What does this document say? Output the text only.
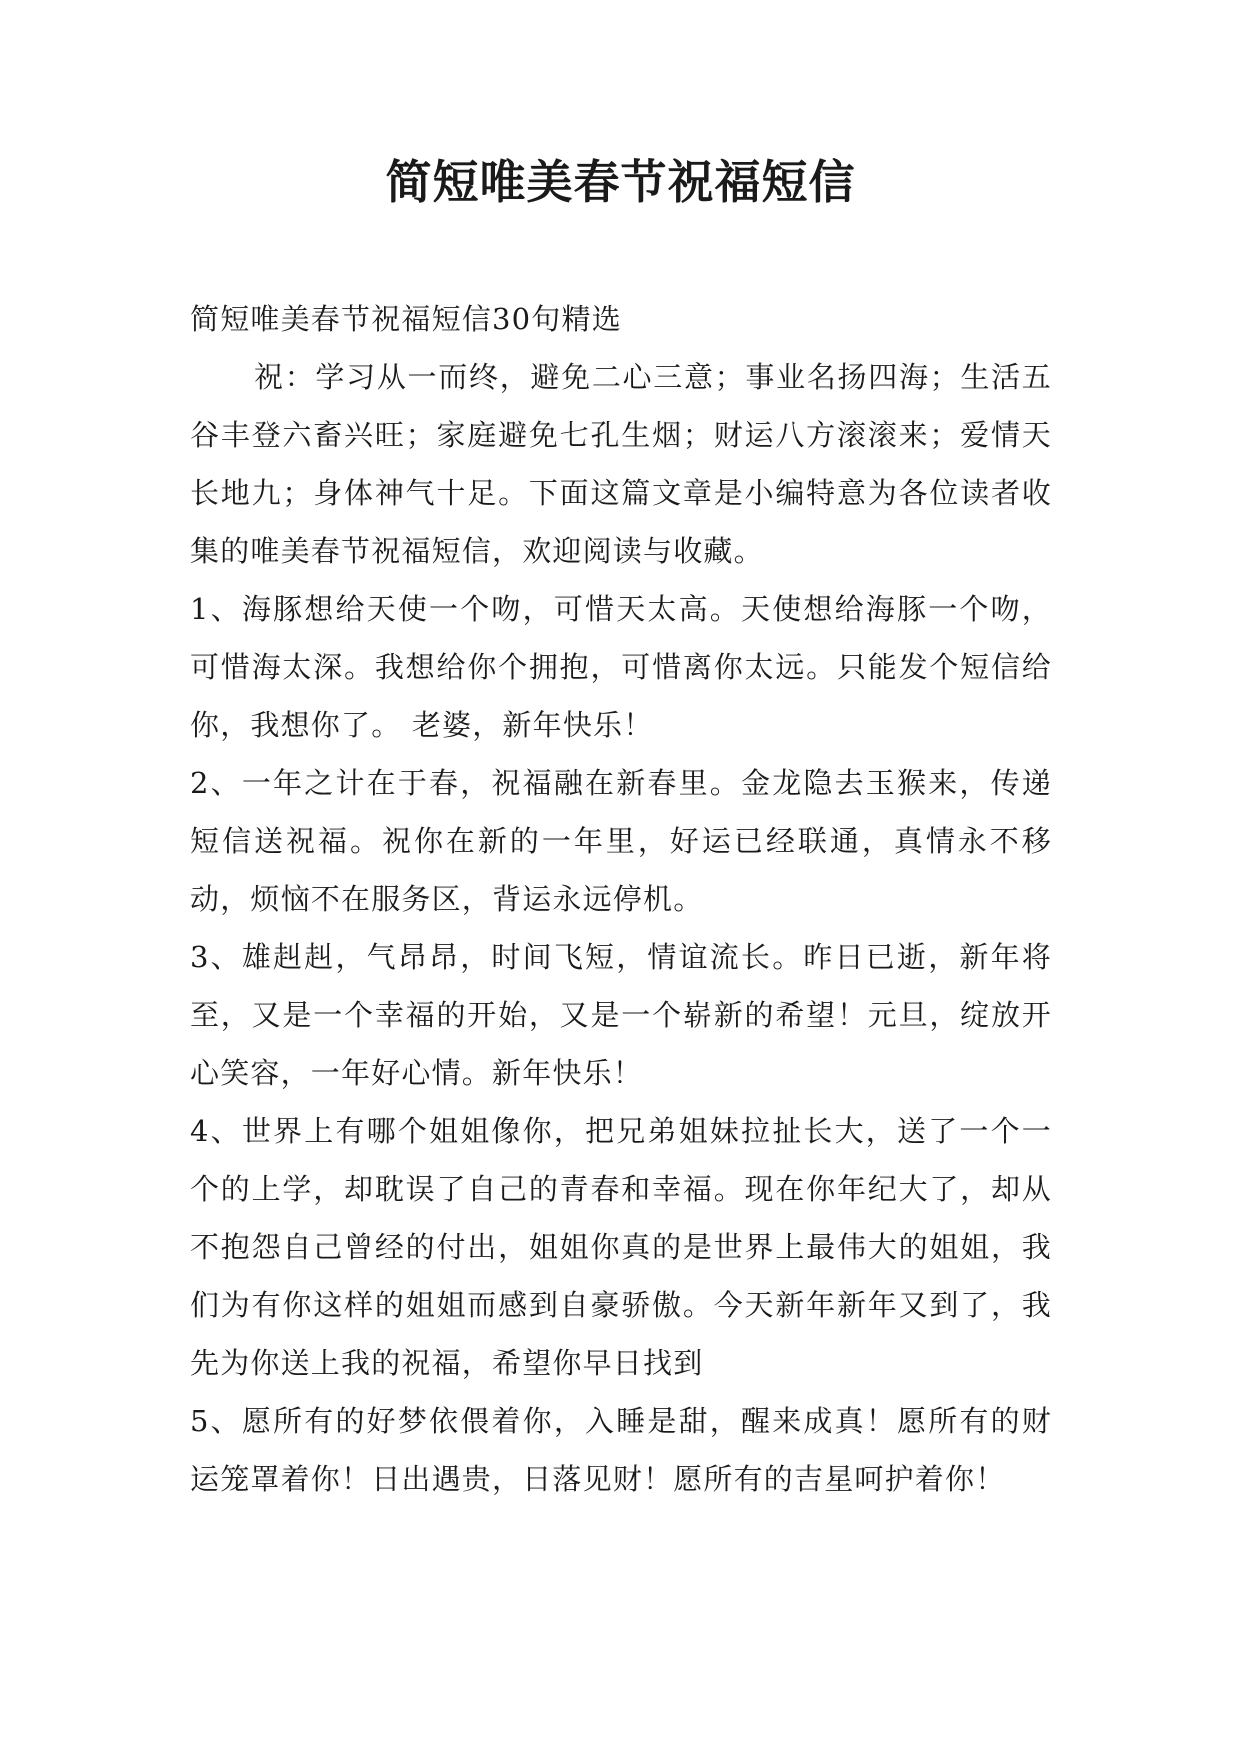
简短唯美春节祝福短信

简短唯美春节祝福短信30句精选

祝：学习从一而终，避免二心三意；事业名扬四海；生活五谷丰登六畜兴旺；家庭避免七孔生烟；财运八方滚滚来；爱情天长地九；身体神气十足。下面这篇文章是小编特意为各位读者收集的唯美春节祝福短信，欢迎阅读与收藏。

1、海豚想给天使一个吻，可惜天太高。天使想给海豚一个吻，可惜海太深。我想给你个拥抱，可惜离你太远。只能发个短信给你，我想你了。 老婆，新年快乐！

2、一年之计在于春，祝福融在新春里。金龙隐去玉猴来，传递短信送祝福。祝你在新的一年里，好运已经联通，真情永不移动，烦恼不在服务区，背运永远停机。

3、雄赳赳，气昂昂，时间飞短，情谊流长。昨日已逝，新年将至，又是一个幸福的开始，又是一个崭新的希望！元旦，绽放开心笑容，一年好心情。新年快乐！

4、世界上有哪个姐姐像你，把兄弟姐妹拉扯长大，送了一个一个的上学，却耽误了自己的青春和幸福。现在你年纪大了，却从不抱怨自己曾经的付出，姐姐你真的是世界上最伟大的姐姐，我们为有你这样的姐姐而感到自豪骄傲。今天新年新年又到了，我先为你送上我的祝福，希望你早日找到

5、愿所有的好梦依偎着你，入睡是甜，醒来成真！愿所有的财运笼罩着你！日出遇贵，日落见财！愿所有的吉星呵护着你！
